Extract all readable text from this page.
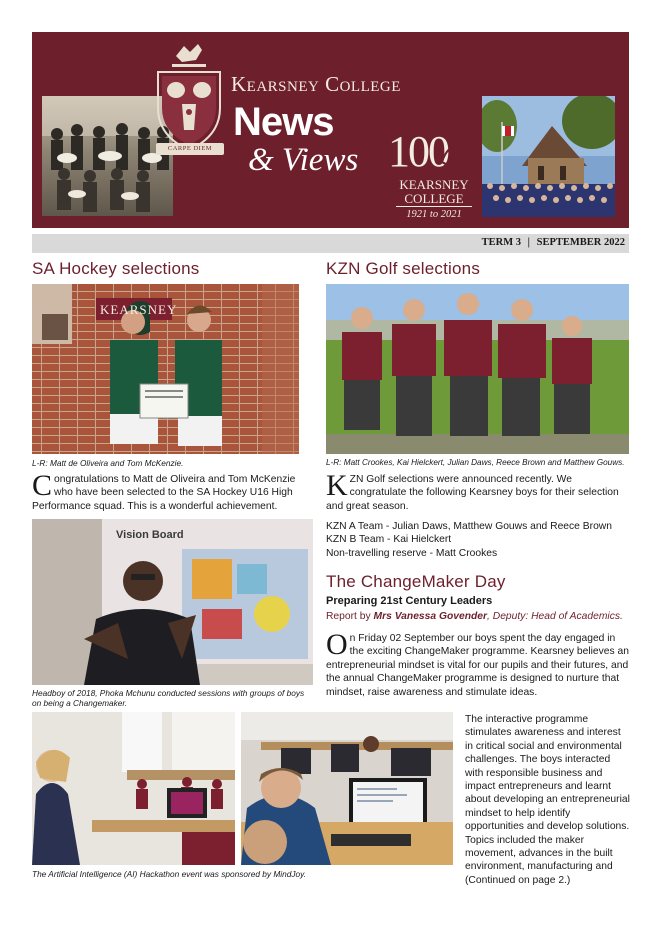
CARPE DIEM
Kearsney College
News
& Views 100
KEARSNEY COLLEGE
1921 to 2021
TERM 3 | SEPTEMBER 2022
SA Hockey selections
KEARSNEY
L-R: Matt de Oliveira and Tom McKenzie.
Congratulations to Matt de Oliveira and Tom McKenzie who have been selected to the SA Hockey U16 High Performance squad. This is a wonderful achievement.
Vision Board
Headboy of 2018, Phoka Mchunu conducted sessions with groups of boys on being a Changemaker.
The Artificial Intelligence (AI) Hackathon event was sponsored by MindJoy.
KZN Golf selections
L-R: Matt Crookes, Kai Hielckert, Julian Daws, Reece Brown and Matthew Gouws.
KZN Golf selections were announced recently. We congratulate the following Kearsney boys for their selection and great season.
KZN A Team - Julian Daws, Matthew Gouws and Reece Brown
KZN B Team - Kai Hielckert
Non-travelling reserve - Matt Crookes
The ChangeMaker Day
Preparing 21st Century Leaders
Report by Mrs Vanessa Govender, Deputy: Head of Academics.
On Friday 02 September our boys spent the day engaged in the exciting ChangeMaker programme. Kearsney believes an entrepreneurial mindset is vital for our pupils and their futures, and the annual ChangeMaker programme is designed to nurture that mindset, raise awareness and stimulate ideas.
The interactive programme stimulates awareness and interest in critical social and environmental challenges. The boys interacted with responsible business and impact entrepreneurs and learnt about developing an entrepreneurial mindset to help identify opportunities and develop solutions. Topics included the maker movement, advances in the built environment, manufacturing and (Continued on page 2.)
